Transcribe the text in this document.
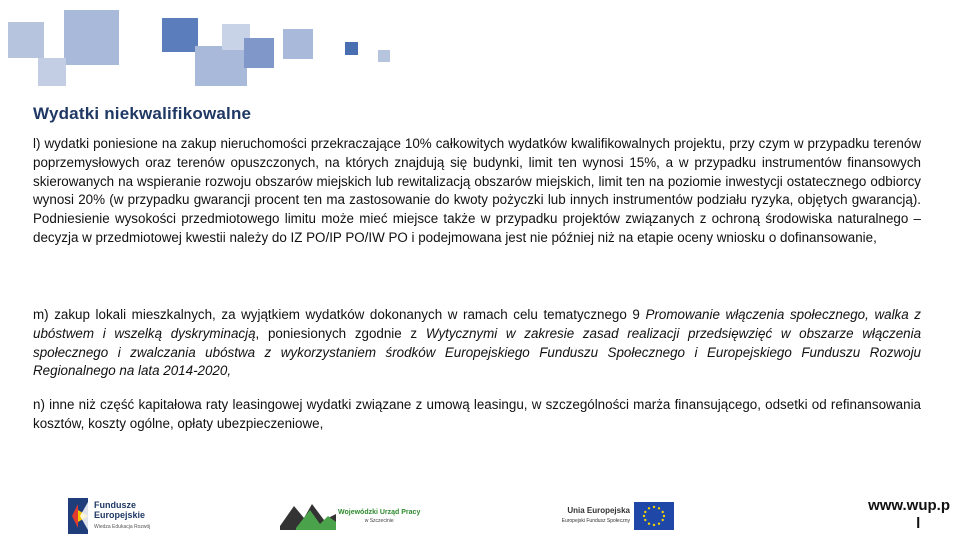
Wydatki niekwalifikowalne

l) wydatki poniesione na zakup nieruchomości przekraczające 10% całkowitych wydatków kwalifikowalnych projektu, przy czym w przypadku terenów poprzemysłowych oraz terenów opuszczonych, na których znajdują się budynki, limit ten wynosi 15%, a w przypadku instrumentów finansowych skierowanych na wspieranie rozwoju obszarów miejskich lub rewitalizacją obszarów miejskich, limit ten na poziomie inwestycji ostatecznego odbiorcy wynosi 20% (w przypadku gwarancji procent ten ma zastosowanie do kwoty pożyczki lub innych instrumentów podziału ryzyka, objętych gwarancją). Podniesienie wysokości przedmiotowego limitu może mieć miejsce także w przypadku projektów związanych z ochroną środowiska naturalnego – decyzja w przedmiotowej kwestii należy do IZ PO/IP PO/IW PO i podejmowana jest nie później niż na etapie oceny wniosku o dofinansowanie,

m) zakup lokali mieszkalnych, za wyjątkiem wydatków dokonanych w ramach celu tematycznego 9 Promowanie włączenia społecznego, walka z ubóstwem i wszelką dyskryminacją, poniesionych zgodnie z Wytycznymi w zakresie zasad realizacji przedsięwzięć w obszarze włączenia społecznego i zwalczania ubóstwa z wykorzystaniem środków Europejskiego Funduszu Społecznego i Europejskiego Funduszu Rozwoju Regionalnego na lata 2014-2020,

n) inne niż część kapitałowa raty leasingowej wydatki związane z umową leasingu, w szczególności marża finansującego, odsetki od refinansowania kosztów, koszty ogólne, opłaty ubezpieczeniowe,

Fundusze
Europejskie
Wiedza Edukacja Rozwój
Wojewódzki Urząd Pracy
w Szczecinie
Unia Europejska
Europejski Fundusz Społeczny
www.wup.p
l
